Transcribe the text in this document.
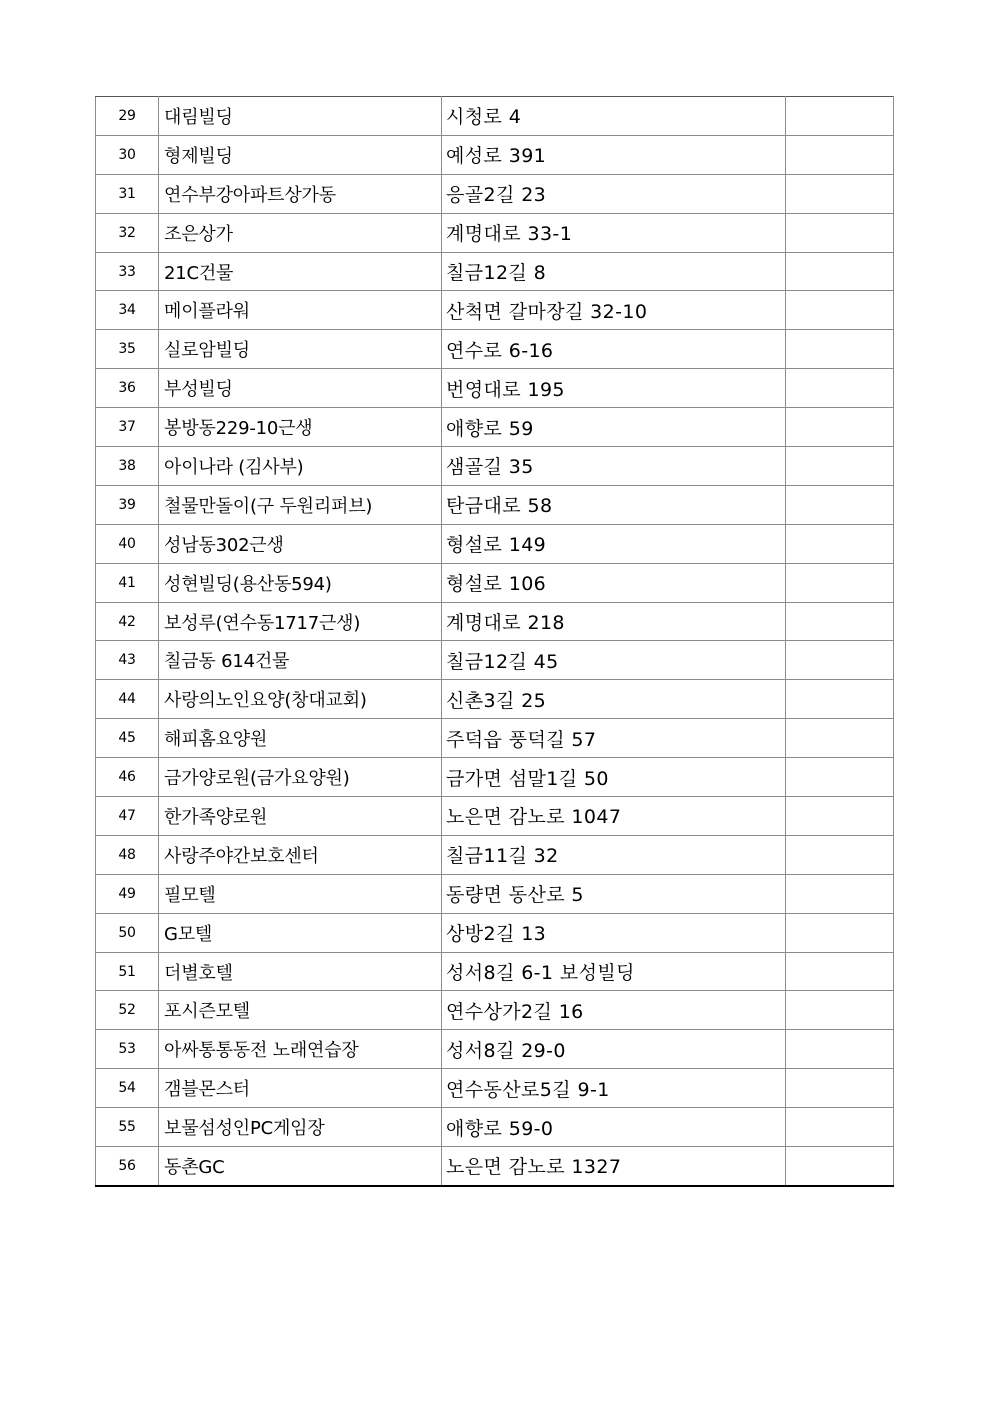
29	대림빌딩	시청로 4	
30	형제빌딩	예성로 391	
31	연수부강아파트상가동	응골2길 23	
32	조은상가	계명대로 33-1	
33	21C건물	칠금12길 8	
34	메이플라워	산척면 갈마장길 32-10	
35	실로암빌딩	연수로 6-16	
36	부성빌딩	번영대로 195	
37	봉방동229-10근생	애향로 59	
38	아이나라 (김사부)	샘골길 35	
39	철물만돌이(구 두원리퍼브)	탄금대로 58	
40	성남동302근생	형설로 149	
41	성현빌딩(용산동594)	형설로 106	
42	보성루(연수동1717근생)	계명대로 218	
43	칠금동 614건물	칠금12길 45	
44	사랑의노인요양(창대교회)	신촌3길 25	
45	해피홈요양원	주덕읍 풍덕길 57	
46	금가양로원(금가요양원)	금가면 섬말1길 50	
47	한가족양로원	노은면 감노로 1047	
48	사랑주야간보호센터	칠금11길 32	
49	필모텔	동량면 동산로 5	
50	G모텔	상방2길 13	
51	더별호텔	성서8길 6-1 보성빌딩	
52	포시즌모텔	연수상가2길 16	
53	아싸통통동전 노래연습장	성서8길 29-0	
54	갬블몬스터	연수동산로5길 9-1	
55	보물섬성인PC게임장	애향로 59-0	
56	동촌GC	노은면 감노로 1327	
